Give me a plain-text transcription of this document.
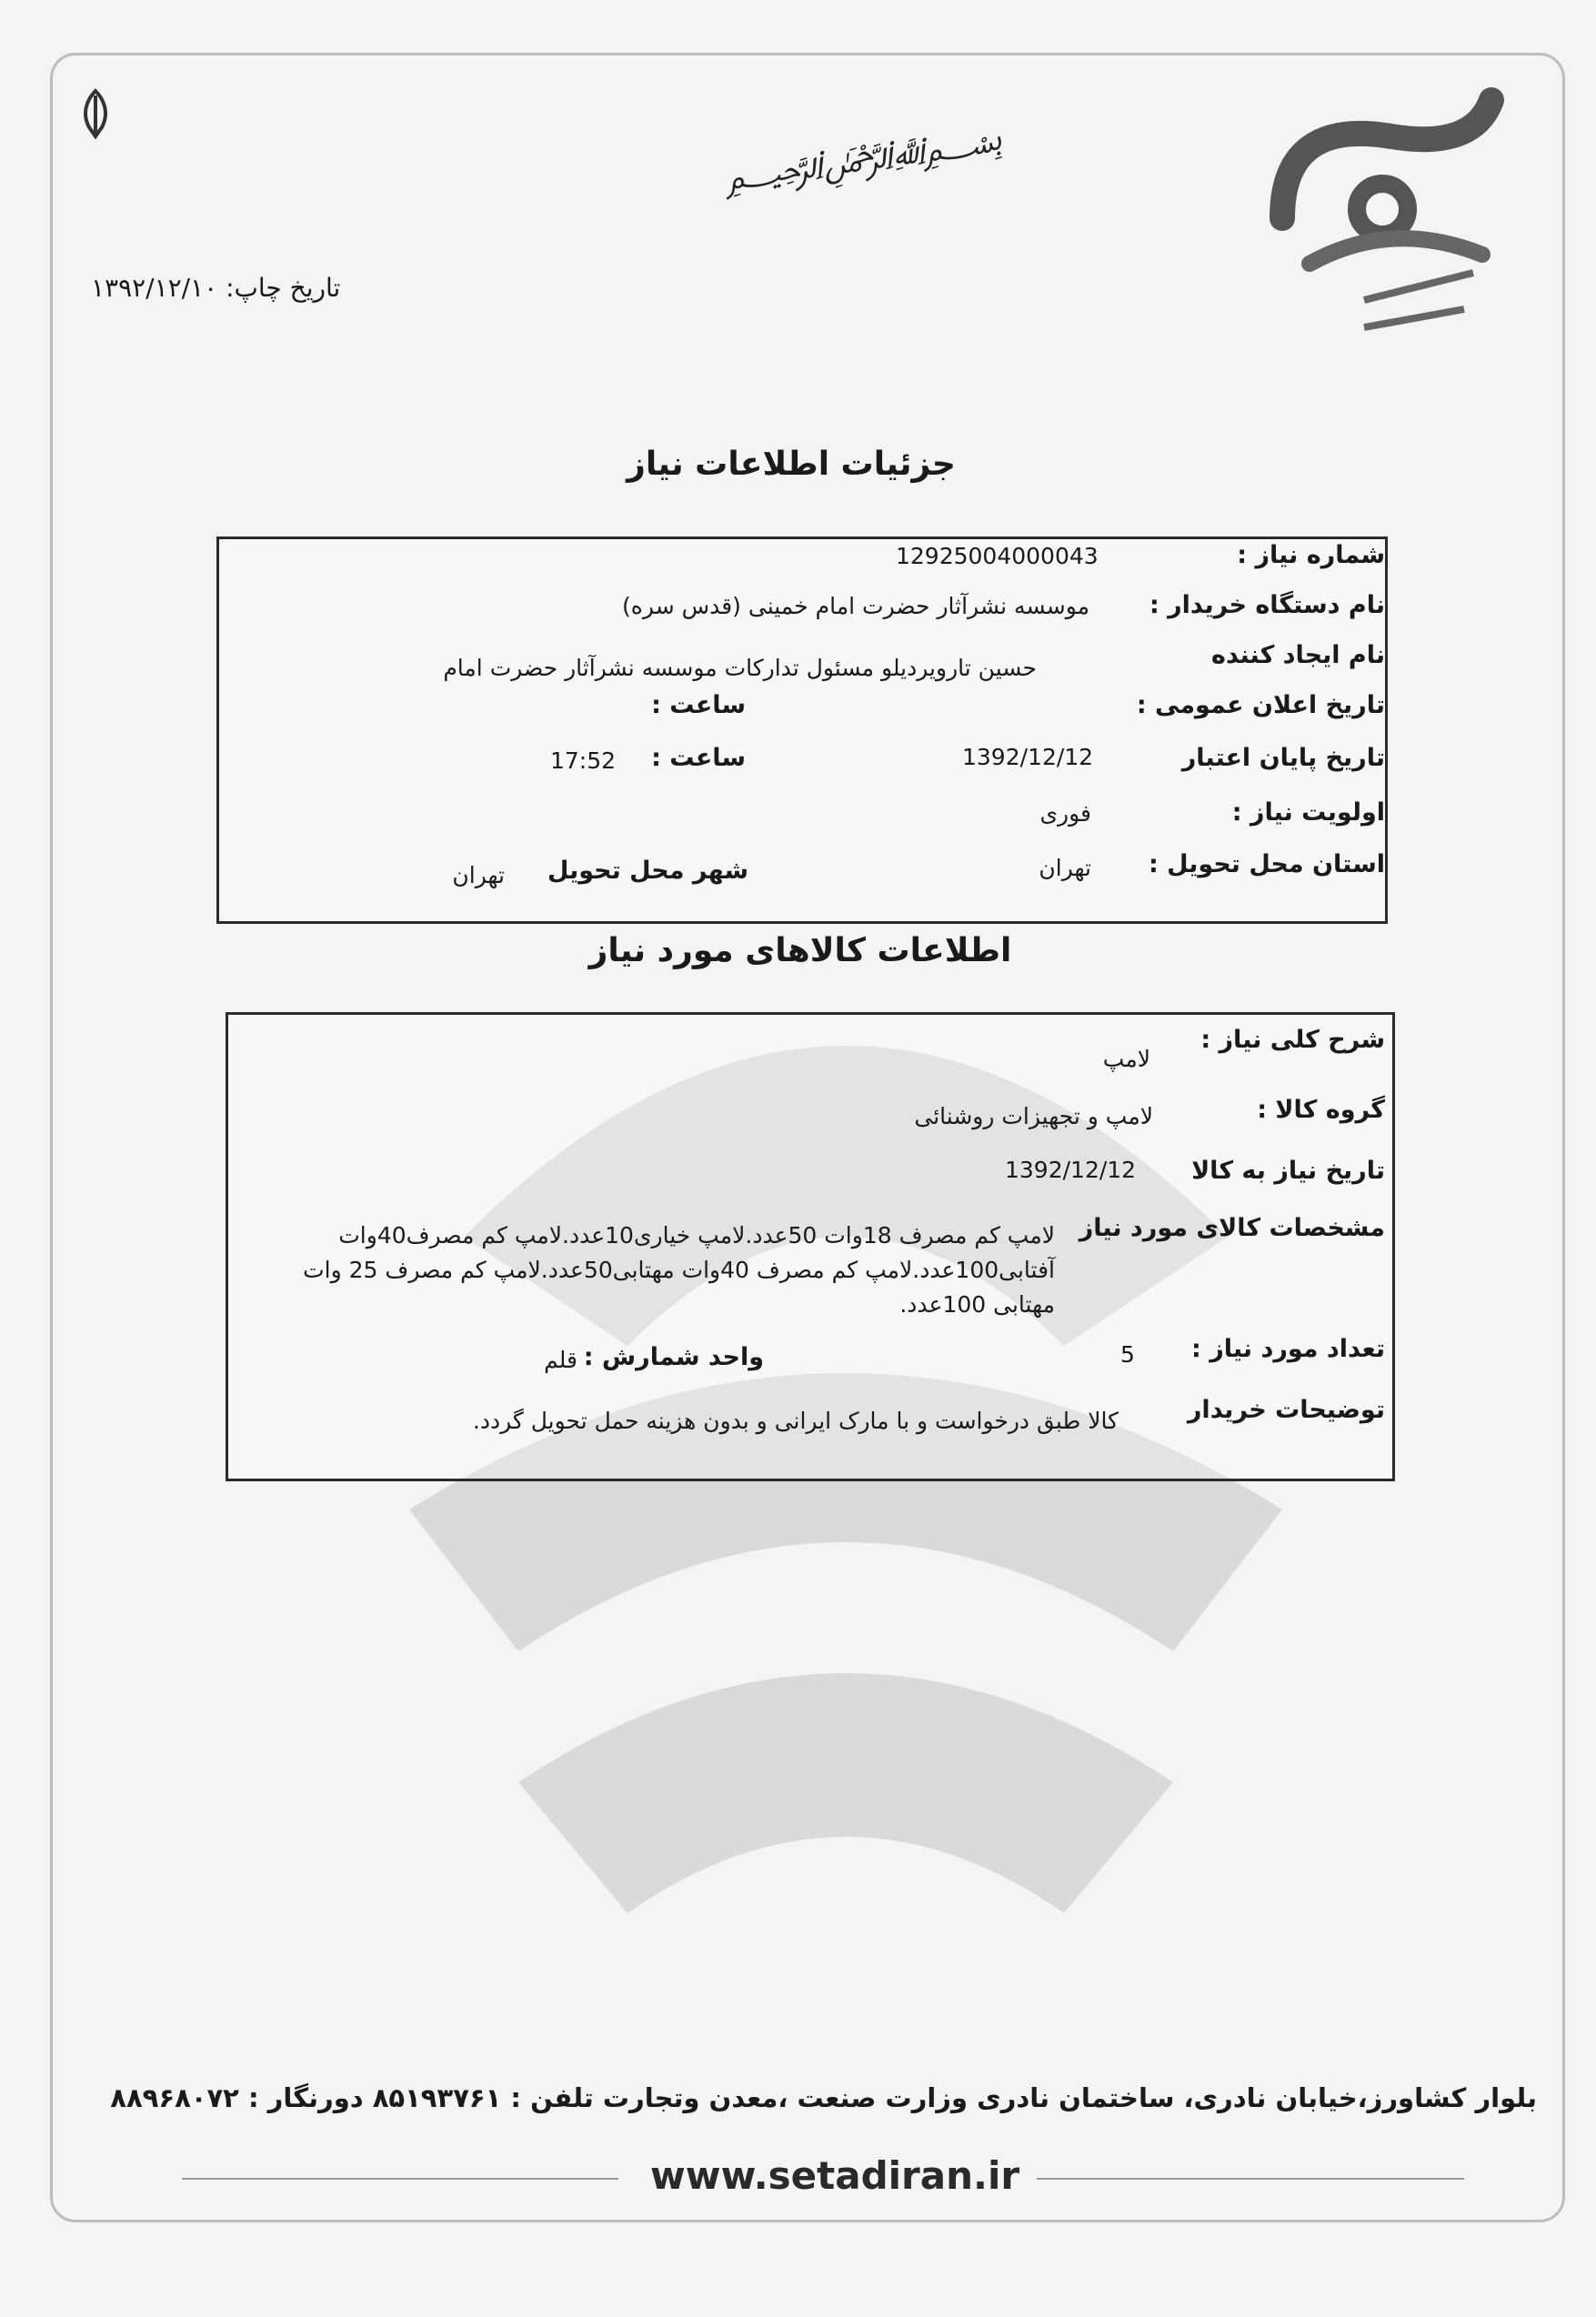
﷽
تاریخ چاپ: ۱۳۹۲/۱۲/۱۰
جزئیات اطلاعات نیاز
شماره نیاز :
12925004000043
نام دستگاه خریدار :
موسسه نشرآثار حضرت امام خمینی (قدس سره)
نام ایجاد کننده
حسین تارویردیلو مسئول تدارکات موسسه نشرآثار حضرت امام
تاریخ اعلان عمومی :
ساعت :
تاریخ پایان اعتبار
1392/12/12
ساعت :
17:52
اولویت نیاز :
فوری
استان محل تحویل :
تهران
شهر محل تحویل
تهران
اطلاعات کالاهای مورد نیاز
شرح کلی نیاز :
لامپ
گروه کالا :
لامپ و تجهیزات روشنائی
تاریخ نیاز به کالا
1392/12/12
مشخصات کالای مورد نیاز
لامپ کم مصرف 18وات 50عدد.لامپ خیاری10عدد.لامپ کم مصرف40وات آفتابی100عدد.لامپ کم مصرف 40وات مهتابی50عدد.لامپ کم مصرف 25 وات مهتابی 100عدد.
تعداد مورد نیاز :
5
واحد شمارش :
قلم
توضیحات خریدار
کالا طبق درخواست و با مارک ایرانی و بدون هزینه حمل تحویل گردد.
بلوار کشاورز،خیابان نادری، ساختمان نادری وزارت صنعت ،معدن وتجارت تلفن : ۸۵۱۹۳۷۶۱ دورنگار : ۸۸۹۶۸۰۷۲
www.setadiran.ir
